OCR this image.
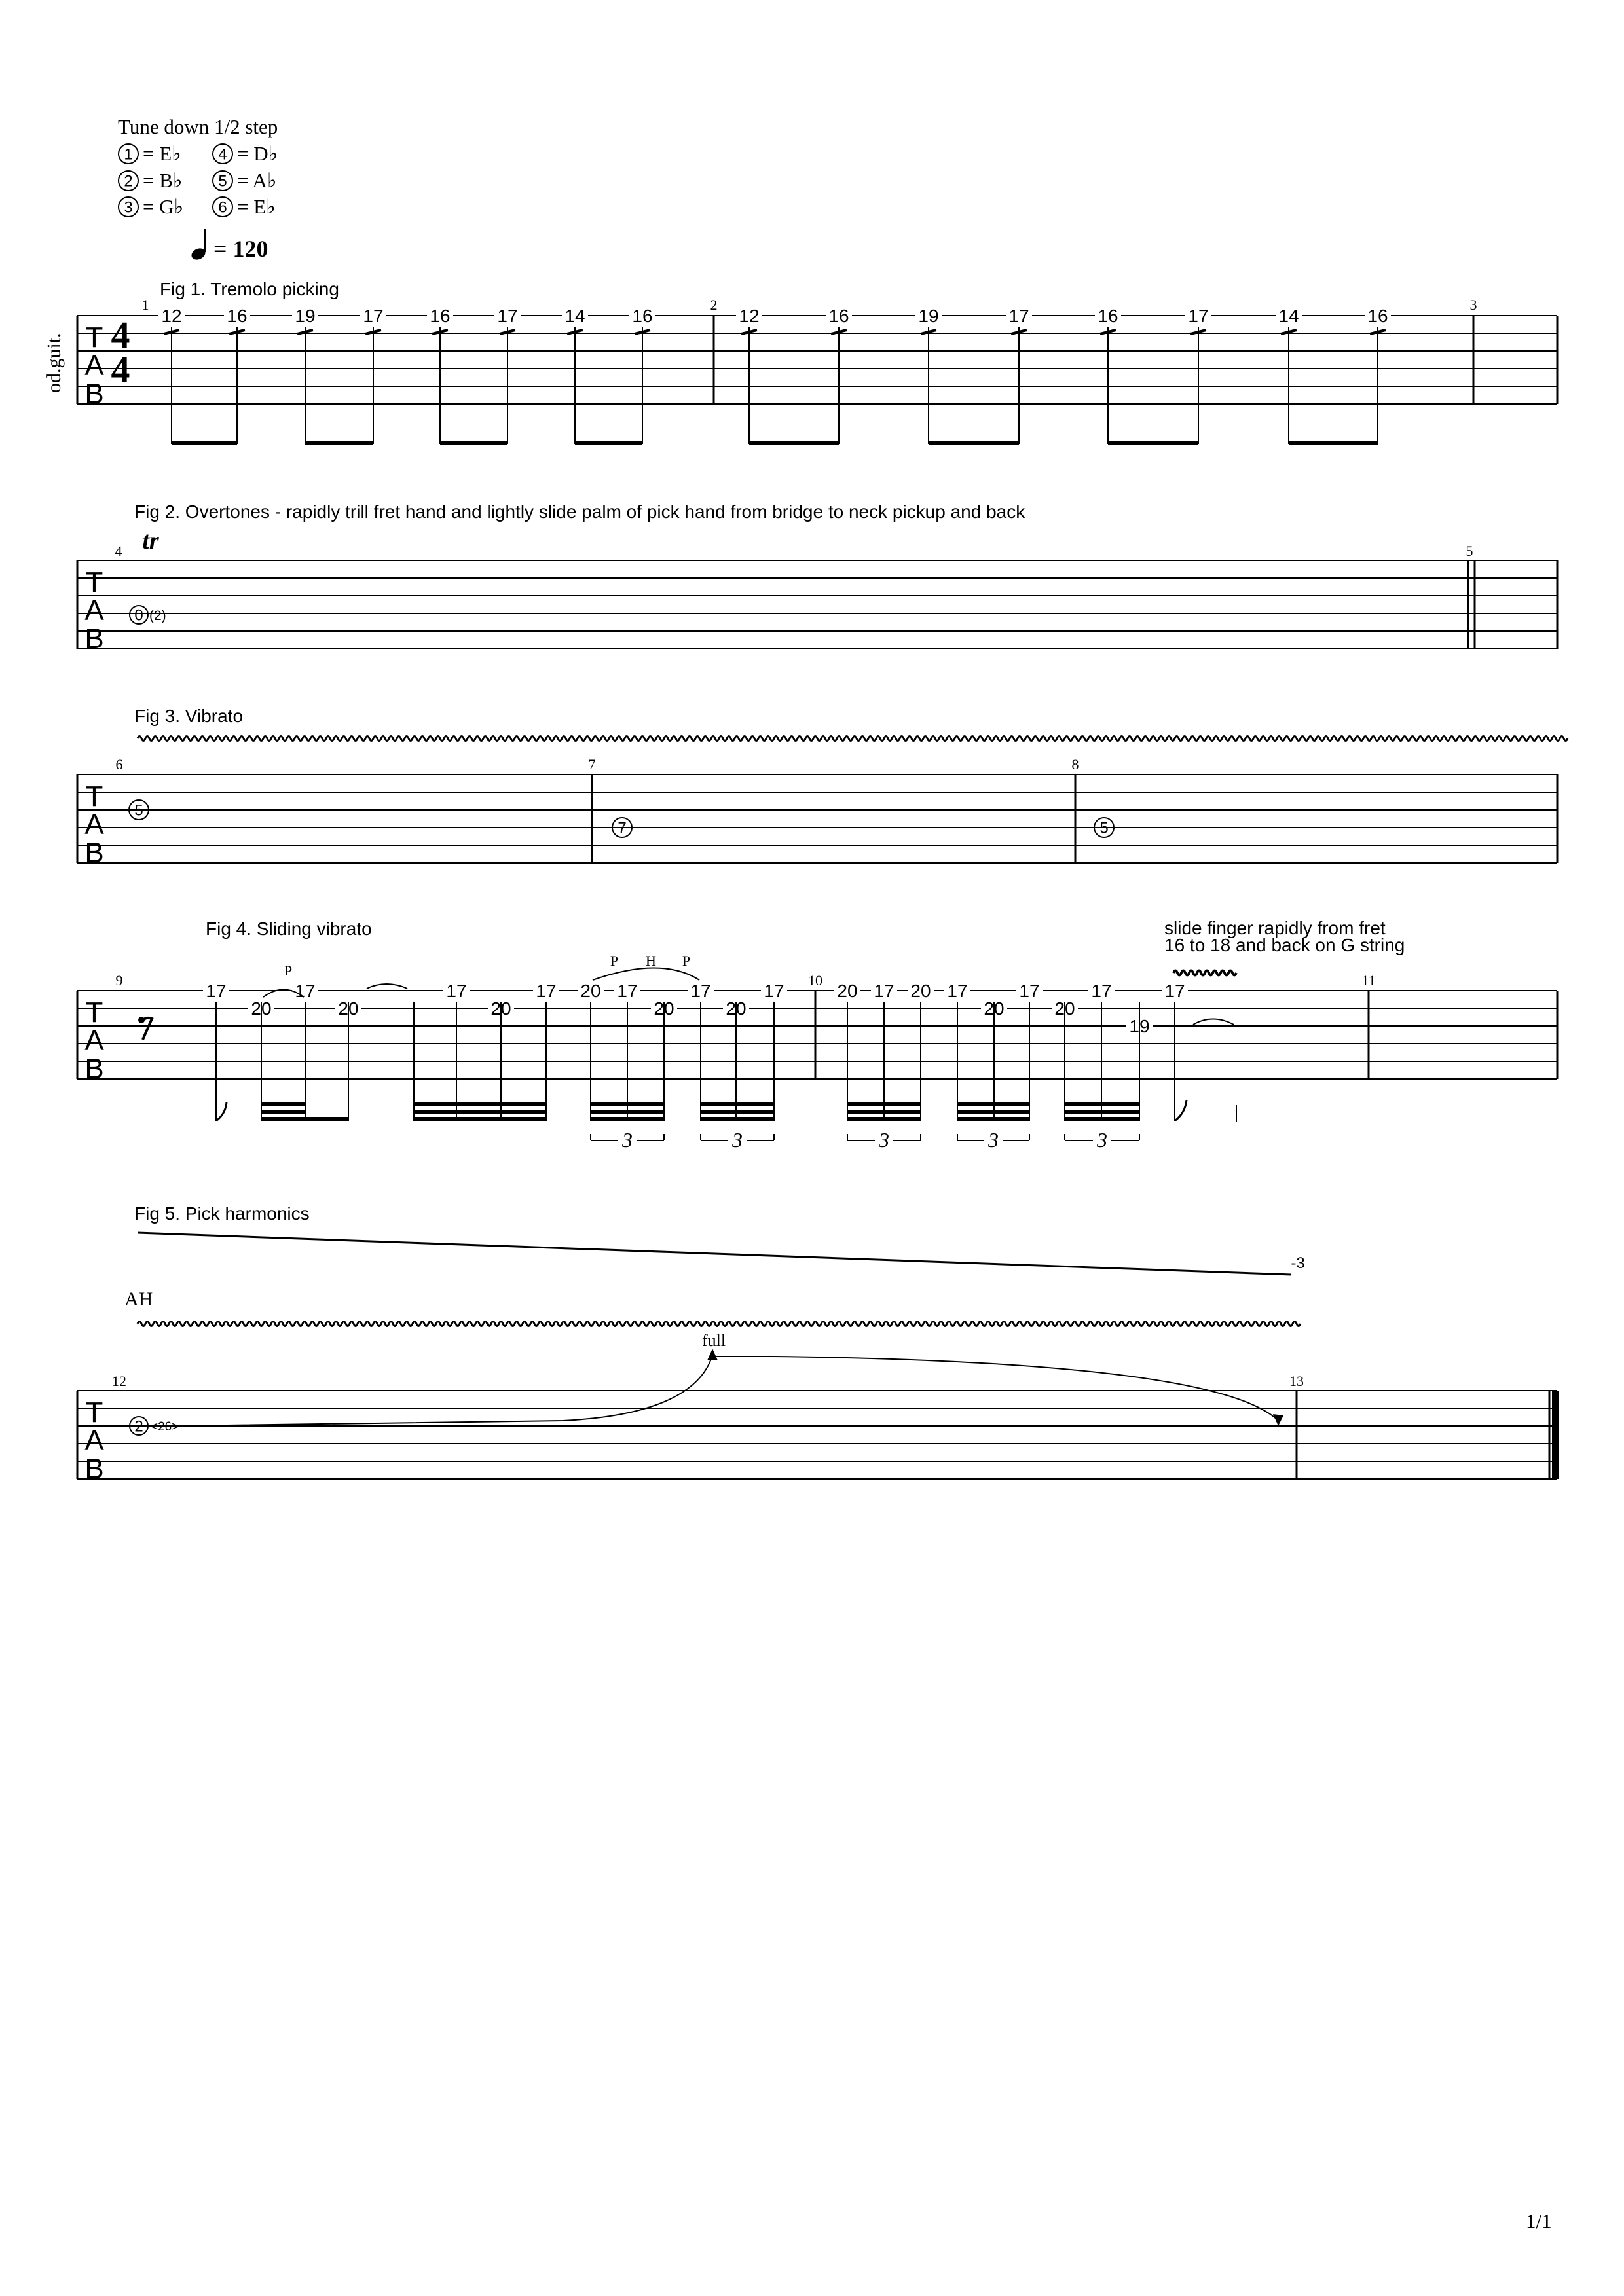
Tune down 1/2 step
1 = E♭ 4 = D♭
2 = B♭ 5 = A♭
3 = G♭ 6 = E♭
= 120
od.guit. T
A
B
4
4
Fig 1. Tremolo picking
1	2	3
12 16	19	17	16	17	14	16	12	16	19	17	16	17	14	16
T
A
B
Fig 2. Overtones - rapidly trill fret hand and lightly slide palm of pick hand from bridge to neck pickup and back
4	5
tr
0 (2)
T
A
B
Fig 3. Vibrato
6	7	8
5
7	5
T
A
B
Fig 4. Sliding vibrato
9	10	11
slide finger rapidly from fret
16 to 18 and back on G string
17
20
17
20
17
20
17 20 17
20
17
20
17	20 17 20 17
20
17
20
17
19
17
3	3	3	3	3
P
P H P
T
A
B
Fig 5. Pick harmonics
-3
AH
12	13
2 <26>
full
1/1
